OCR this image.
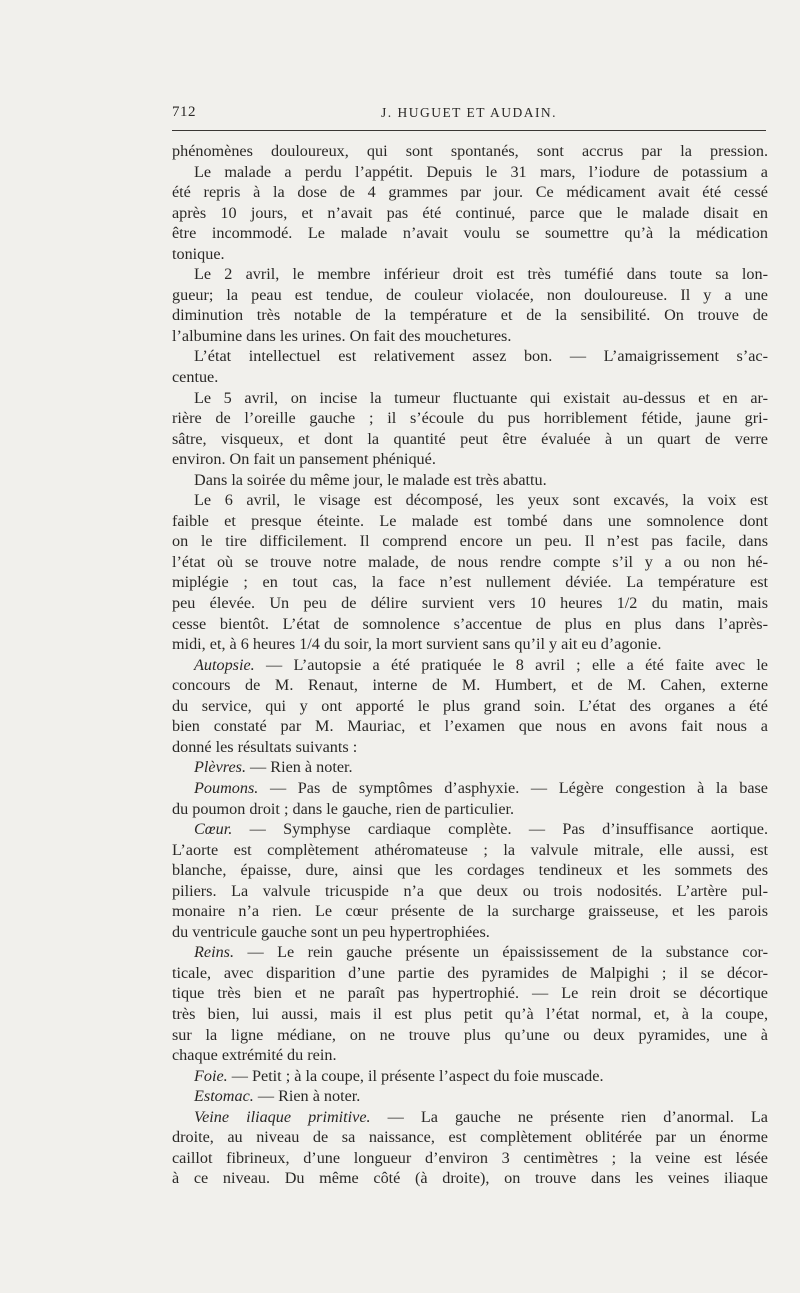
712	J. HUGUET ET AUDAIN.
phénomènes douloureux, qui sont spontanés, sont accrus par la pression.
Le malade a perdu l’appétit. Depuis le 31 mars, l’iodure de potassium a
été repris à la dose de 4 grammes par jour. Ce médicament avait été cessé
après 10 jours, et n’avait pas été continué, parce que le malade disait en
être incommodé. Le malade n’avait voulu se soumettre qu’à la médication
tonique.
Le 2 avril, le membre inférieur droit est très tuméfié dans toute sa lon-
gueur; la peau est tendue, de couleur violacée, non douloureuse. Il y a une
diminution très notable de la température et de la sensibilité. On trouve de
l’albumine dans les urines. On fait des mouchetures.
L’état intellectuel est relativement assez bon. — L’amaigrissement s’ac-
centue.
Le 5 avril, on incise la tumeur fluctuante qui existait au-dessus et en ar-
rière de l’oreille gauche ; il s’écoule du pus horriblement fétide, jaune gri-
sâtre, visqueux, et dont la quantité peut être évaluée à un quart de verre
environ. On fait un pansement phéniqué.
Dans la soirée du même jour, le malade est très abattu.
Le 6 avril, le visage est décomposé, les yeux sont excavés, la voix est
faible et presque éteinte. Le malade est tombé dans une somnolence dont
on le tire difficilement. Il comprend encore un peu. Il n’est pas facile, dans
l’état où se trouve notre malade, de nous rendre compte s’il y a ou non hé-
miplégie ; en tout cas, la face n’est nullement déviée. La température est
peu élevée. Un peu de délire survient vers 10 heures 1/2 du matin, mais
cesse bientôt. L’état de somnolence s’accentue de plus en plus dans l’après-
midi, et, à 6 heures 1/4 du soir, la mort survient sans qu’il y ait eu d’agonie.
Autopsie. — L’autopsie a été pratiquée le 8 avril ; elle a été faite avec le
concours de M. Renaut, interne de M. Humbert, et de M. Cahen, externe
du service, qui y ont apporté le plus grand soin. L’état des organes a été
bien constaté par M. Mauriac, et l’examen que nous en avons fait nous a
donné les résultats suivants :
Plèvres. — Rien à noter.
Poumons. — Pas de symptômes d’asphyxie. — Légère congestion à la base
du poumon droit ; dans le gauche, rien de particulier.
Cœur. — Symphyse cardiaque complète. — Pas d’insuffisance aortique.
L’aorte est complètement athéromateuse ; la valvule mitrale, elle aussi, est
blanche, épaisse, dure, ainsi que les cordages tendineux et les sommets des
piliers. La valvule tricuspide n’a que deux ou trois nodosités. L’artère pul-
monaire n’a rien. Le cœur présente de la surcharge graisseuse, et les parois
du ventricule gauche sont un peu hypertrophiées.
Reins. — Le rein gauche présente un épaississement de la substance cor-
ticale, avec disparition d’une partie des pyramides de Malpighi ; il se décor-
tique très bien et ne paraît pas hypertrophié. — Le rein droit se décortique
très bien, lui aussi, mais il est plus petit qu’à l’état normal, et, à la coupe,
sur la ligne médiane, on ne trouve plus qu’une ou deux pyramides, une à
chaque extrémité du rein.
Foie. — Petit ; à la coupe, il présente l’aspect du foie muscade.
Estomac. — Rien à noter.
Veine iliaque primitive. — La gauche ne présente rien d’anormal. La
droite, au niveau de sa naissance, est complètement oblitérée par un énorme
caillot fibrineux, d’une longueur d’environ 3 centimètres ; la veine est lésée
à ce niveau. Du même côté (à droite), on trouve dans les veines iliaque
